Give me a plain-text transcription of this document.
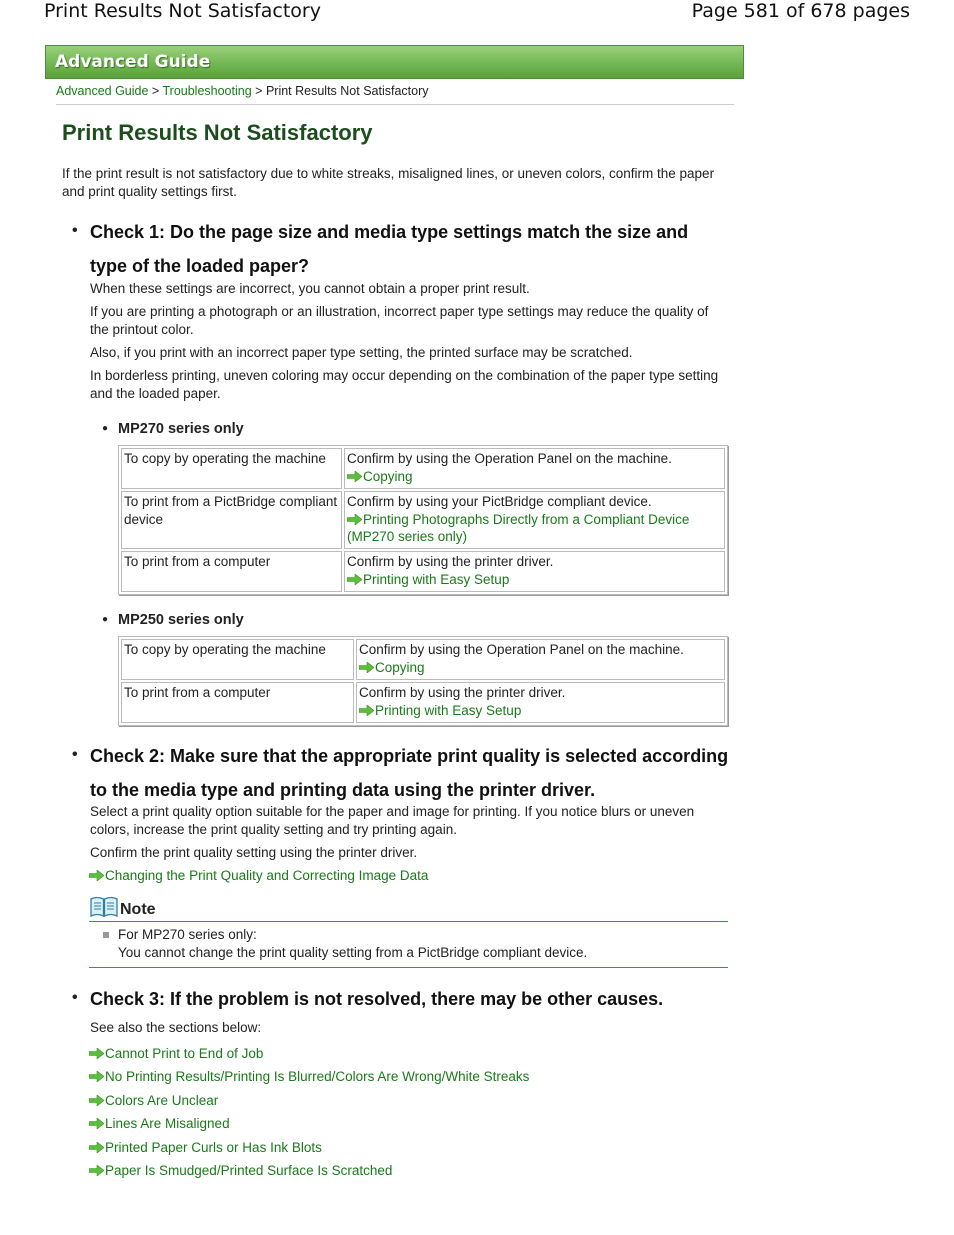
Print Results Not Satisfactory	Page 581 of 678 pages
Advanced Guide
Advanced Guide > Troubleshooting > Print Results Not Satisfactory
Print Results Not Satisfactory

If the print result is not satisfactory due to white streaks, misaligned lines, or uneven colors, confirm the paper and print quality settings first.

• Check 1: Do the page size and media type settings match the size and type of the loaded paper?

When these settings are incorrect, you cannot obtain a proper print result.

If you are printing a photograph or an illustration, incorrect paper type settings may reduce the quality of the printout color.

Also, if you print with an incorrect paper type setting, the printed surface may be scratched.

In borderless printing, uneven coloring may occur depending on the combination of the paper type setting and the loaded paper.

● MP270 series only
To copy by operating the machine	Confirm by using the Operation Panel on the machine.
Copying
To print from a PictBridge compliant device	Confirm by using your PictBridge compliant device.
Printing Photographs Directly from a Compliant Device (MP270 series only)
To print from a computer	Confirm by using the printer driver.
Printing with Easy Setup
● MP250 series only
To copy by operating the machine	Confirm by using the Operation Panel on the machine.
Copying
To print from a computer	Confirm by using the printer driver.
Printing with Easy Setup
• Check 2: Make sure that the appropriate print quality is selected according to the media type and printing data using the printer driver.

Select a print quality option suitable for the paper and image for printing. If you notice blurs or uneven colors, increase the print quality setting and try printing again.

Confirm the print quality setting using the printer driver.

Changing the Print Quality and Correcting Image Data
Note

For MP270 series only:

You cannot change the print quality setting from a PictBridge compliant device.

• Check 3: If the problem is not resolved, there may be other causes.

See also the sections below:

Cannot Print to End of Job
No Printing Results/Printing Is Blurred/Colors Are Wrong/White Streaks
Colors Are Unclear
Lines Are Misaligned
Printed Paper Curls or Has Ink Blots
Paper Is Smudged/Printed Surface Is Scratched
